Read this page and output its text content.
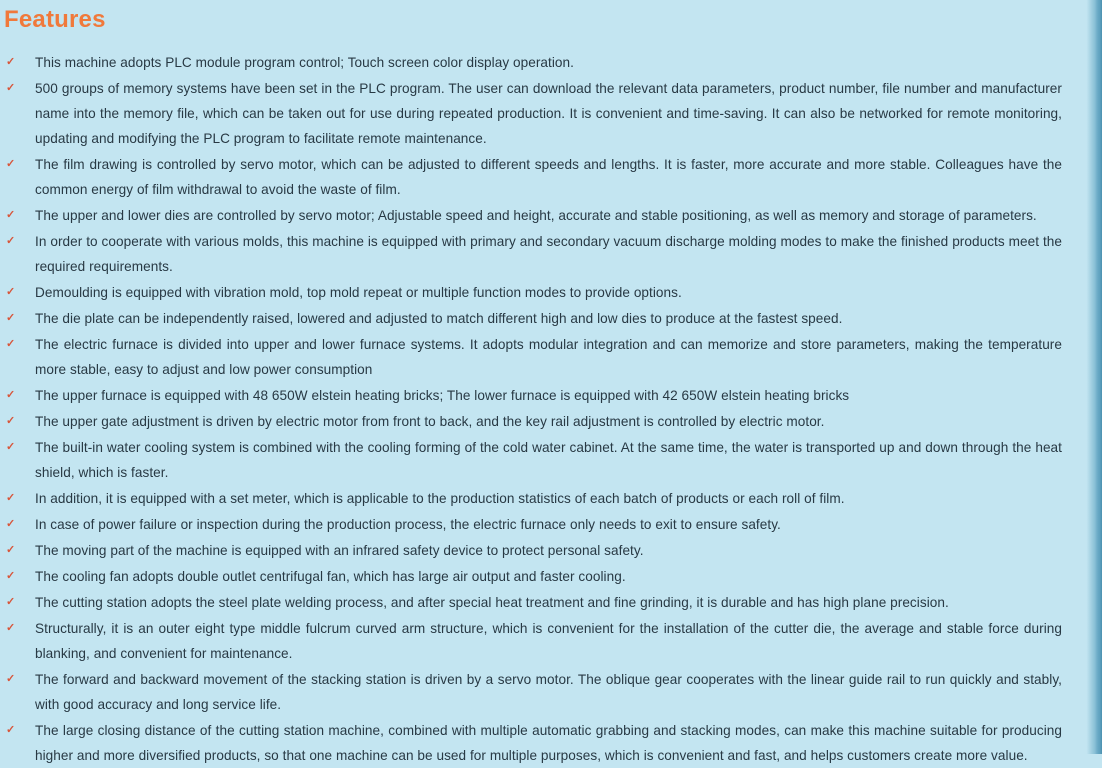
Features
✓	This machine adopts PLC module program control; Touch screen color display operation.
✓	500 groups of memory systems have been set in the PLC program. The user can download the relevant data parameters, product number, file number and manufacturer name into the memory file, which can be taken out for use during repeated production. It is convenient and time-saving. It can also be networked for remote monitoring, updating and modifying the PLC program to facilitate remote maintenance.
✓	The film drawing is controlled by servo motor, which can be adjusted to different speeds and lengths. It is faster, more accurate and more stable. Colleagues have the common energy of film withdrawal to avoid the waste of film.
✓	The upper and lower dies are controlled by servo motor; Adjustable speed and height, accurate and stable positioning, as well as memory and storage of parameters.
✓	In order to cooperate with various molds, this machine is equipped with primary and secondary vacuum discharge molding modes to make the finished products meet the required requirements.
✓	Demoulding is equipped with vibration mold, top mold repeat or multiple function modes to provide options.
✓	The die plate can be independently raised, lowered and adjusted to match different high and low dies to produce at the fastest speed.
✓	The electric furnace is divided into upper and lower furnace systems. It adopts modular integration and can memorize and store parameters, making the temperature more stable, easy to adjust and low power consumption
✓	The upper furnace is equipped with 48 650W elstein heating bricks; The lower furnace is equipped with 42 650W elstein heating bricks
✓	The upper gate adjustment is driven by electric motor from front to back, and the key rail adjustment is controlled by electric motor.
✓	The built-in water cooling system is combined with the cooling forming of the cold water cabinet. At the same time, the water is transported up and down through the heat shield, which is faster.
✓	In addition, it is equipped with a set meter, which is applicable to the production statistics of each batch of products or each roll of film.
✓	In case of power failure or inspection during the production process, the electric furnace only needs to exit to ensure safety.
✓	The moving part of the machine is equipped with an infrared safety device to protect personal safety.
✓	The cooling fan adopts double outlet centrifugal fan, which has large air output and faster cooling.
✓	The cutting station adopts the steel plate welding process, and after special heat treatment and fine grinding, it is durable and has high plane precision.
✓	Structurally, it is an outer eight type middle fulcrum curved arm structure, which is convenient for the installation of the cutter die, the average and stable force during blanking, and convenient for maintenance.
✓	The forward and backward movement of the stacking station is driven by a servo motor. The oblique gear cooperates with the linear guide rail to run quickly and stably, with good accuracy and long service life.
✓	The large closing distance of the cutting station machine, combined with multiple automatic grabbing and stacking modes, can make this machine suitable for producing higher and more diversified products, so that one machine can be used for multiple purposes, which is convenient and fast, and helps customers create more value.
